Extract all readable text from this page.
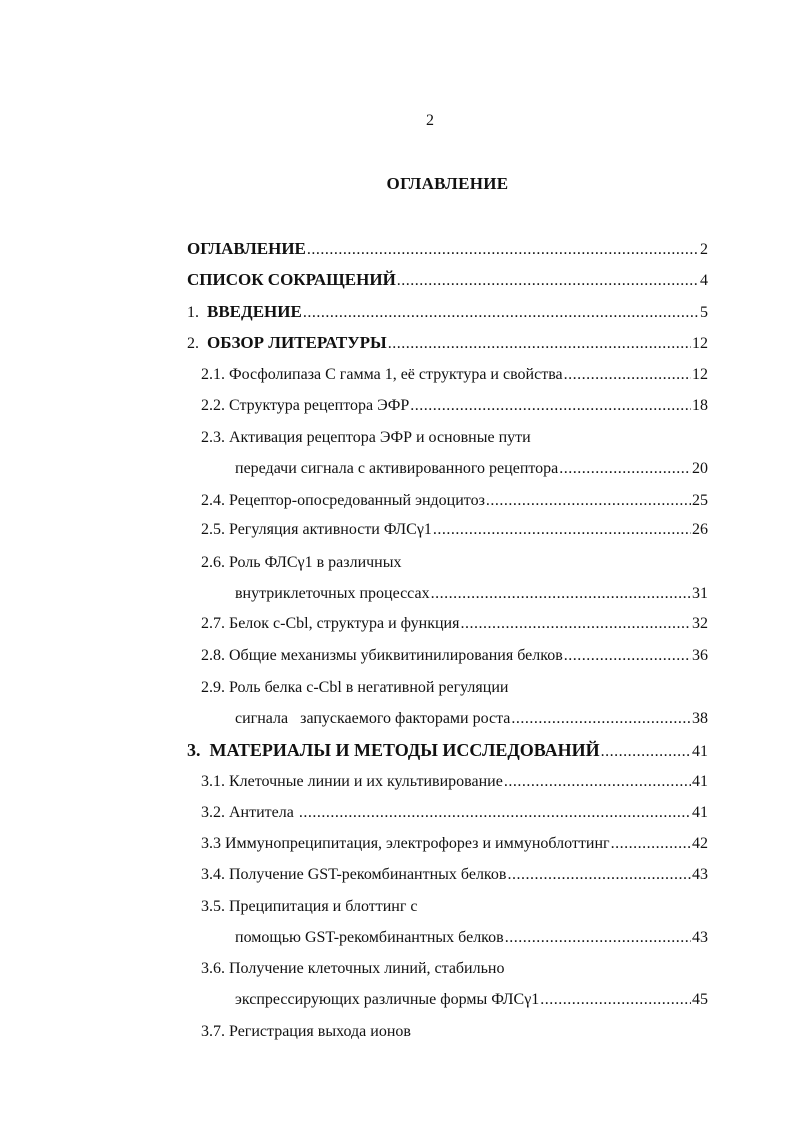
2
ОГЛАВЛЕНИЕ
ОГЛАВЛЕНИЕ .....	2
СПИСОК СОКРАЩЕНИЙ .....	4
1. ВВЕДЕНИЕ .....	5
2. ОБЗОР ЛИТЕРАТУРЫ .....	12
2.1. Фосфолипаза С гамма 1, её структура и свойства .....	12
2.2. Структура рецептора ЭФР .....	18
2.3. Активация рецептора ЭФР и основные пути
передачи сигнала с активированного рецептора .....	20
2.4. Рецептор-опосредованный эндоцитоз .....	25
2.5. Регуляция активности ФЛСγ1 .....	26
2.6. Роль ФЛСγ1 в различных
внутриклеточных процессах .....	31
2.7. Белок c-Cbl, структура и функция .....	32
2.8. Общие механизмы убиквитинилирования белков .....	36
2.9. Роль белка c-Cbl в негативной регуляции
сигнала   запускаемого факторами роста .....	38
3. МАТЕРИАЛЫ И МЕТОДЫ ИССЛЕДОВАНИЙ .....	41
3.1. Клеточные линии и их культивирование .....	41
3.2. Антитела .....	41
3.3 Иммунопреципитация, электрофорез и иммуноблоттинг .....	42
3.4. Получение GST-рекомбинантных белков .....	43
3.5. Преципитация и блоттинг с
помощью GST-рекомбинантных белков .....	43
3.6. Получение клеточных линий, стабильно
экспрессирующих различные формы ФЛСγ1 .....	45
3.7. Регистрация выхода ионов
